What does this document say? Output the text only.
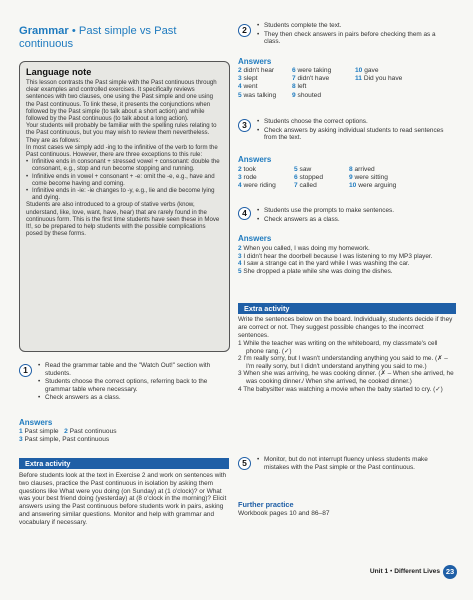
Grammar • Past simple vs Past continuous
Language note

This lesson contrasts the Past simple with the Past continuous through clear examples and controlled exercises. It specifically reviews sentences with two clauses, one using the Past simple and one using the Past continuous. To link these, it presents the conjunctions when followed by the Past simple (to talk about a short action) and while followed by the Past continuous (to talk about a long action).

Your students will probably be familiar with the spelling rules relating to the Past continuous, but you may wish to review them nevertheless. They are as follows:

In most cases we simply add -ing to the infinitive of the verb to form the Past continuous. However, there are three exceptions to this rule:

• Infinitive ends in consonant + stressed vowel + consonant: double the consonant, e.g., stop and run become stopping and running.
• Infinitive ends in vowel + consonant + -e: omit the -e, e.g., have and come become having and coming.
• Infinitive ends in -ie: -ie changes to -y, e.g., lie and die become lying and dying.

Students are also introduced to a group of stative verbs (know, understand, like, love, want, have, hear) that are rarely found in the continuous form. This is the first time students have seen these in Move It!, so be prepared to help students with the possible complications posed by these forms.

1	• Read the grammar table and the "Watch Out!" section with students.
• Students choose the correct options, referring back to the grammar table where necessary.
• Check answers as a class.
Answers
1 Past simple 2 Past continuous
3 Past simple, Past continuous
Extra activity
Before students look at the text in Exercise 2 and work on sentences with two clauses, practice the Past continuous in isolation by asking them questions like What were you doing (on Sunday) at (1 o'clock)? or What was your best friend doing (yesterday) at (8 o'clock in the morning)? Elicit answers using the Past continuous before students work in pairs, asking and answering similar questions. Monitor and help with grammar and vocabulary if necessary.
2	• Students complete the text.
• They then check answers in pairs before checking them as a class.
Answers
2 didn't hear	6 were taking	10 gave
3 slept	7 didn't have	11 Did you have
4 went	8 left
5 was talking	9 shouted
3	• Students choose the correct options.
• Check answers by asking individual students to read sentences from the text.
Answers
2 took	5 saw	8 arrived
3 rode	6 stopped	9 were sitting
4 were riding	7 called	10 were arguing
4	• Students use the prompts to make sentences.
• Check answers as a class.
Answers
2 When you called, I was doing my homework.
3 I didn't hear the doorbell because I was listening to my MP3 player.
4 I saw a strange cat in the yard while I was washing the car.
5 She dropped a plate while she was doing the dishes.
Extra activity
Write the sentences below on the board. Individually, students decide if they are correct or not. They suggest possible changes to the incorrect sentences.
1 While the teacher was writing on the whiteboard, my classmate's cell phone rang. (✓)
2 I'm really sorry, but I wasn't understanding anything you said to me. (✗ – I'm really sorry, but I didn't understand anything you said to me.)
3 When she was arriving, he was cooking dinner. (✗ – When she arrived, he was cooking dinner./ When she arrived, he cooked dinner.)
4 The babysitter was watching a movie when the baby started to cry. (✓)
5	• Monitor, but do not interrupt fluency unless students make mistakes with the Past simple or the Past continuous.
Further practice
Workbook pages 10 and 86–87
Unit 1 • Different Lives 23
